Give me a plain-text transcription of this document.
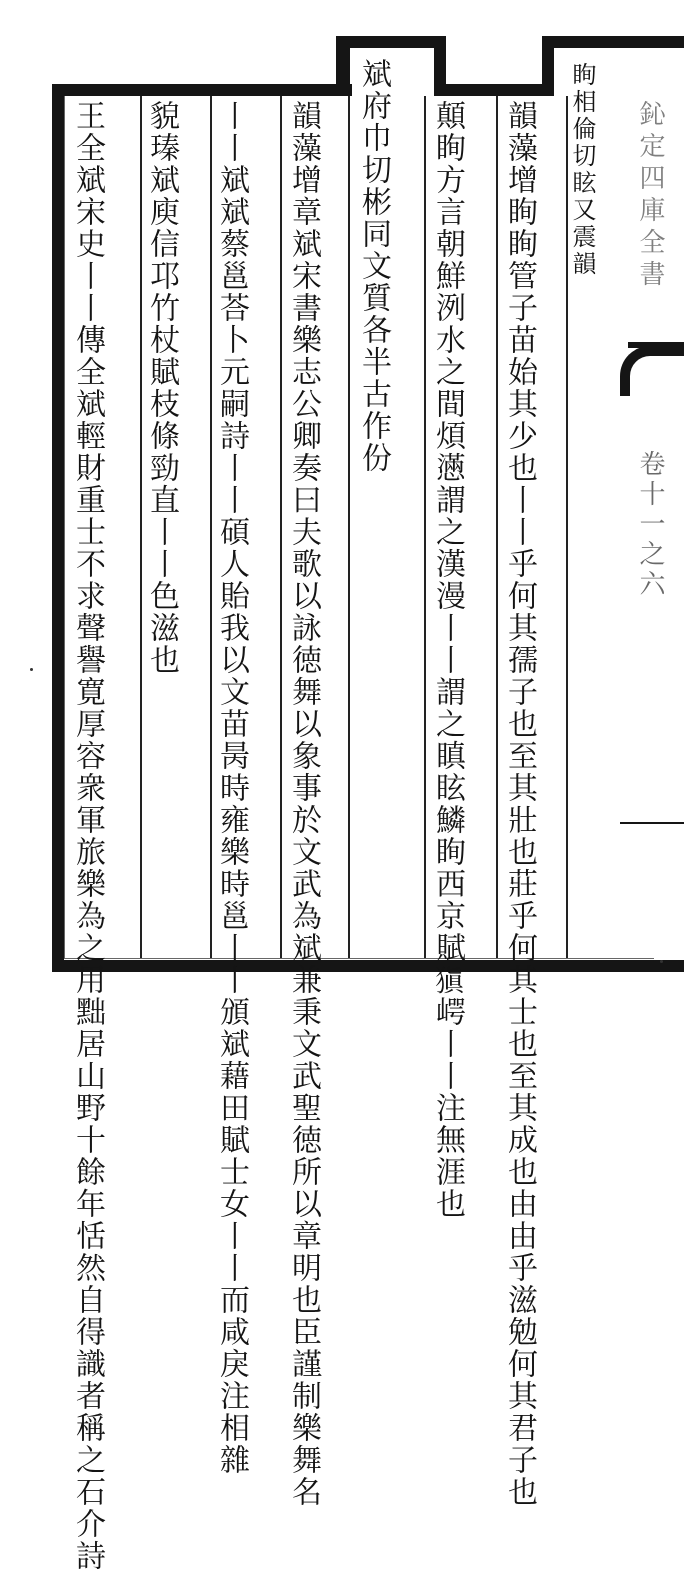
眴相倫切眩又震韻
韻藻增眴眴管子苗始其少也丨丨乎何其孺子也至其壯也莊乎何其士也至其成也由由乎滋勉何其君子也
顛眴方言朝鮮洌水之間煩懣謂之漢漫丨丨謂之瞋眩鱗眴西京賦𤠶崿丨丨注無涯也
斌府巾切彬同文質各半古作份
韻藻增章斌宋書樂志公卿奏曰夫歌以詠徳舞以象事於文武為斌兼秉文武聖徳所以章明也臣謹制樂舞名
丨丨斌斌蔡邕荅卜元嗣詩丨丨碩人貽我以文苗昺時雍樂時邕丨丨頒斌藉田賦士女丨丨而咸戾注相雜
貌瑧斌庾信邛竹杖賦枝條勁直丨丨色滋也
王全斌宋史丨丨傳全斌輕財重士不求聲譽寛厚容衆軍旅樂為之用黜居山野十餘年恬然自得識者稱之石介詩	鈊定四庫全書
卷十一之六
